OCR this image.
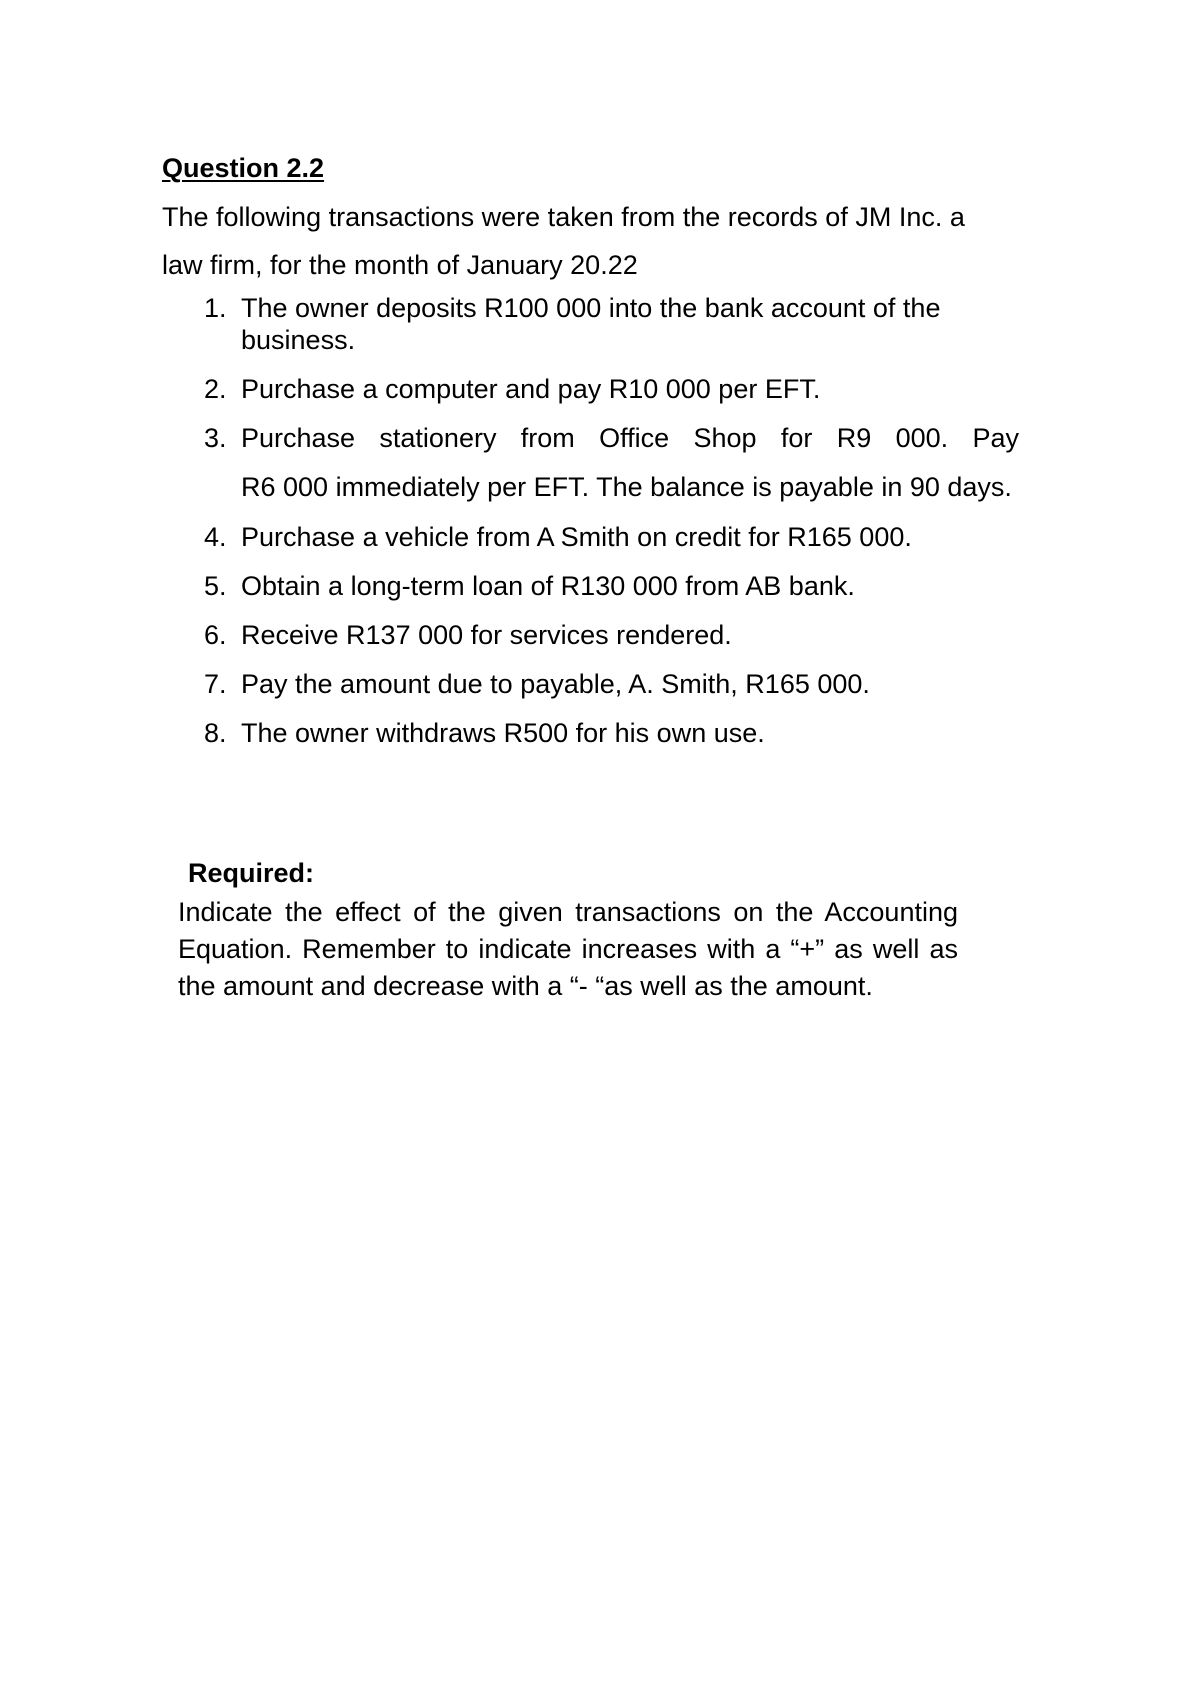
Question 2.2

The following transactions were taken from the records of JM Inc. a
law firm, for the month of January 20.22

1. The owner deposits R100 000 into the bank account of the business.
2. Purchase a computer and pay R10 000 per EFT.
3. Purchase stationery from Office Shop for R9 000. Pay
R6 000 immediately per EFT. The balance is payable in 90 days.
4. Purchase a vehicle from A Smith on credit for R165 000.
5. Obtain a long-term loan of R130 000 from AB bank.
6. Receive R137 000 for services rendered.
7. Pay the amount due to payable, A. Smith, R165 000.
8. The owner withdraws R500 for his own use.
Required:

Indicate the effect of the given transactions on the Accounting Equation. Remember to indicate increases with a “+” as well as the amount and decrease with a “- “as well as the amount.
